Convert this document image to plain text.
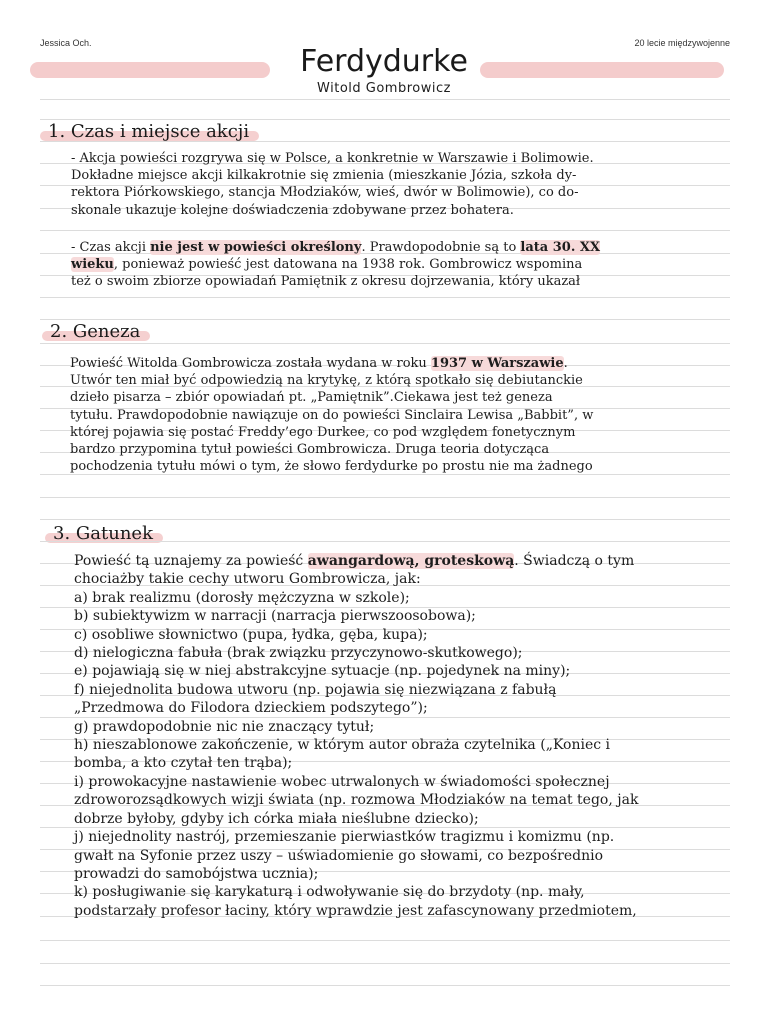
Jessica Och.	20 lecie międzywojenne
Ferdydurke
Witold Gombrowicz
1. Czas i miejsce akcji

- Akcja powieści rozgrywa się w Polsce, a konkretnie w Warszawie i Bolimowie.

Dokładne miejsce akcji kilkakrotnie się zmienia (mieszkanie Józia, szkoła dy-

rektora Piórkowskiego, stancja Młodziaków, wieś, dwór w Bolimowie), co do-

skonale ukazuje kolejne doświadczenia zdobywane przez bohatera.

- Czas akcji nie jest w powieści określony. Prawdopodobnie są to lata 30. XX

wieku, ponieważ powieść jest datowana na 1938 rok. Gombrowicz wspomina

też o swoim zbiorze opowiadań Pamiętnik z okresu dojrzewania, który ukazał

2. Geneza

Powieść Witolda Gombrowicza została wydana w roku 1937 w Warszawie.

Utwór ten miał być odpowiedzią na krytykę, z którą spotkało się debiutanckie

dzieło pisarza – zbiór opowiadań pt. „Pamiętnik”.Ciekawa jest też geneza

tytułu. Prawdopodobnie nawiązuje on do powieści Sinclaira Lewisa „Babbit”, w

której pojawia się postać Freddy’ego Durkee, co pod względem fonetycznym

bardzo przypomina tytuł powieści Gombrowicza. Druga teoria dotycząca

pochodzenia tytułu mówi o tym, że słowo ferdydurke po prostu nie ma żadnego

3. Gatunek

Powieść tą uznajemy za powieść awangardową, groteskową. Świadczą o tym

chociażby takie cechy utworu Gombrowicza, jak:

a) brak realizmu (dorosły mężczyzna w szkole);

b) subiektywizm w narracji (narracja pierwszoosobowa);

c) osobliwe słownictwo (pupa, łydka, gęba, kupa);

d) nielogiczna fabuła (brak związku przyczynowo-skutkowego);

e) pojawiają się w niej abstrakcyjne sytuacje (np. pojedynek na miny);

f) niejednolita budowa utworu (np. pojawia się niezwiązana z fabułą

„Przedmowa do Filodora dzieckiem podszytego”);

g) prawdopodobnie nic nie znaczący tytuł;

h) nieszablonowe zakończenie, w którym autor obraża czytelnika („Koniec i

bomba, a kto czytał ten trąba);

i) prowokacyjne nastawienie wobec utrwalonych w świadomości społecznej

zdroworozsądkowych wizji świata (np. rozmowa Młodziaków na temat tego, jak

dobrze byłoby, gdyby ich córka miała nieślubne dziecko);

j) niejednolity nastrój, przemieszanie pierwiastków tragizmu i komizmu (np.

gwałt na Syfonie przez uszy – uświadomienie go słowami, co bezpośrednio

prowadzi do samobójstwa ucznia);

k) posługiwanie się karykaturą i odwoływanie się do brzydoty (np. mały,

podstarzały profesor łaciny, który wprawdzie jest zafascynowany przedmiotem,
